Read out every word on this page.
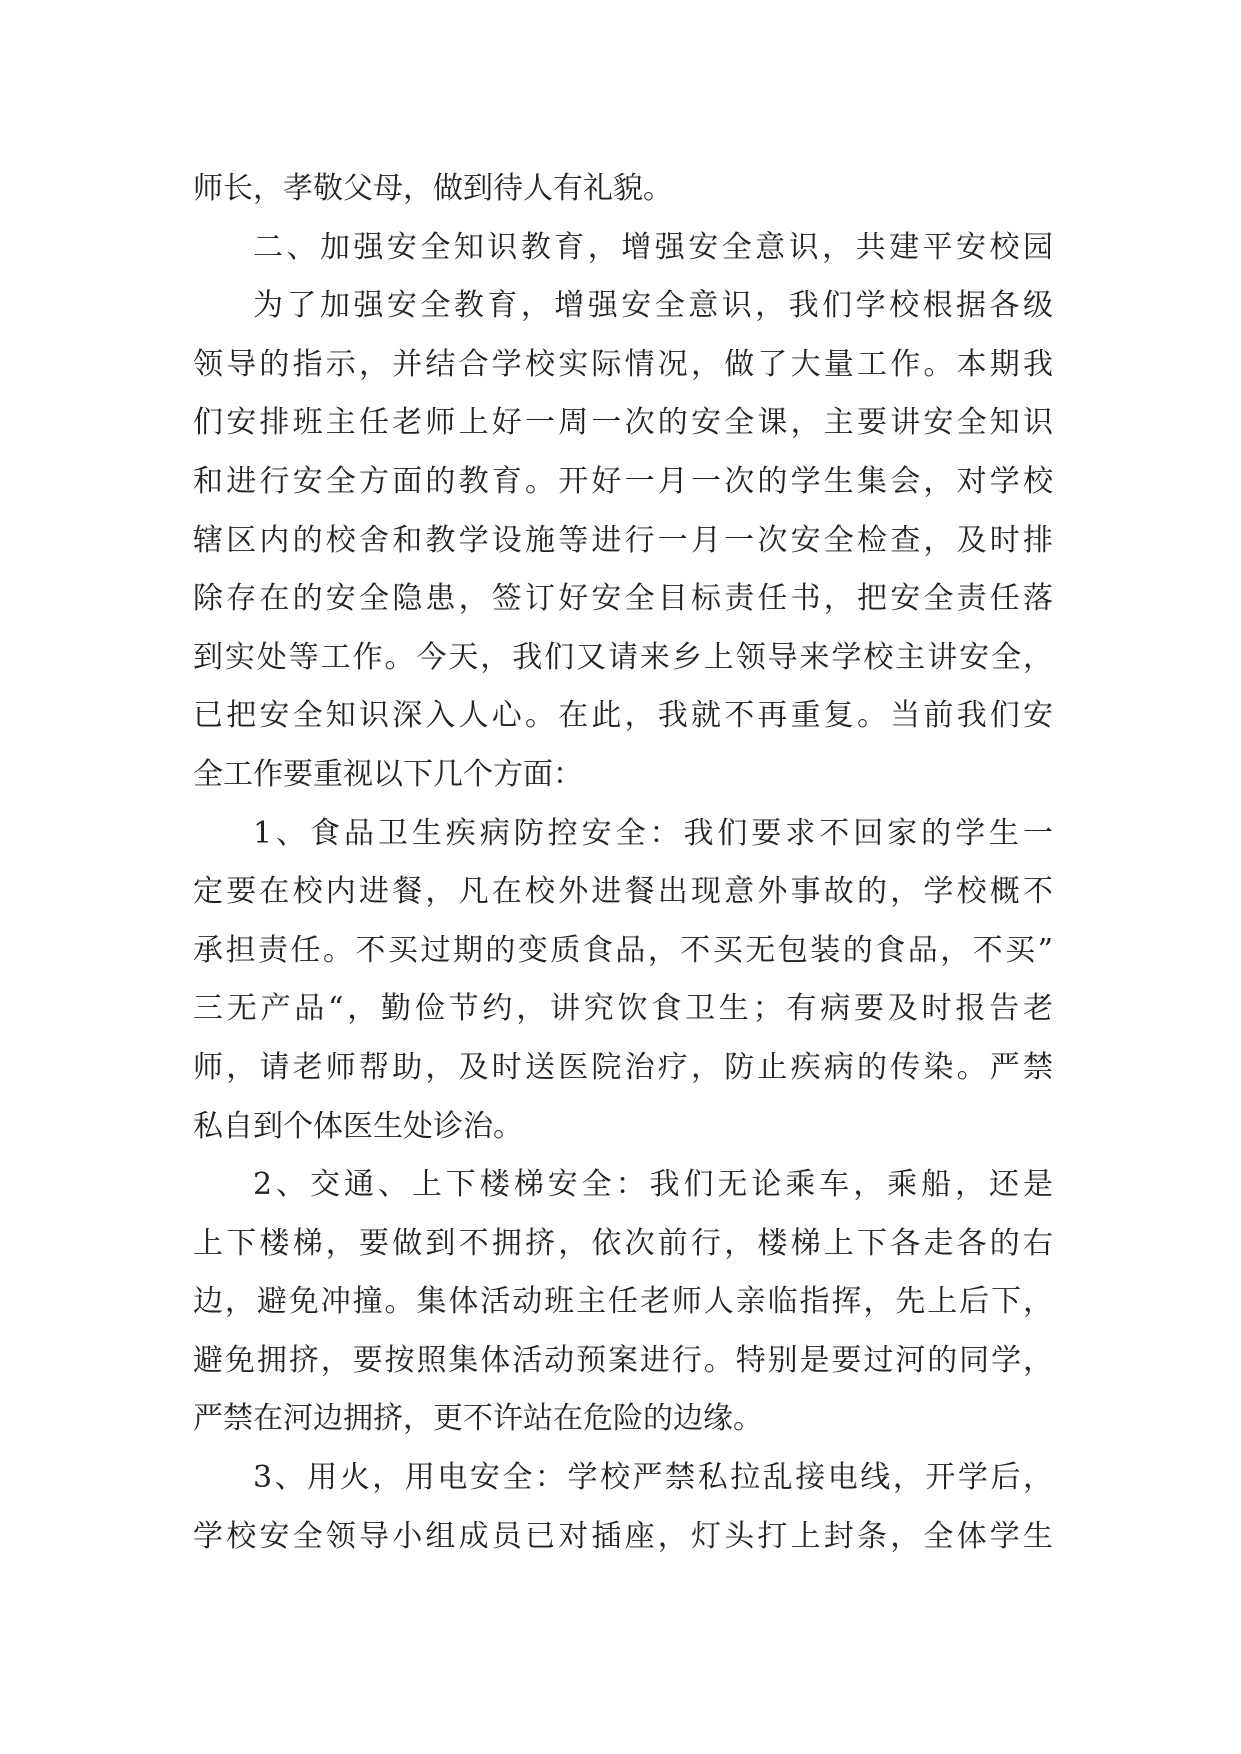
师长，孝敬父母，做到待人有礼貌。
二、加强安全知识教育，增强安全意识，共建平安校园
为了加强安全教育，增强安全意识，我们学校根据各级
领导的指示，并结合学校实际情况，做了大量工作。本期我
们安排班主任老师上好一周一次的安全课，主要讲安全知识
和进行安全方面的教育。开好一月一次的学生集会，对学校
辖区内的校舍和教学设施等进行一月一次安全检查，及时排
除存在的安全隐患，签订好安全目标责任书，把安全责任落
到实处等工作。今天，我们又请来乡上领导来学校主讲安全，
已把安全知识深入人心。在此，我就不再重复。当前我们安
全工作要重视以下几个方面：
1、食品卫生疾病防控安全：我们要求不回家的学生一
定要在校内进餐，凡在校外进餐出现意外事故的，学校概不
承担责任。不买过期的变质食品，不买无包装的食品，不买”
三无产品“，勤俭节约，讲究饮食卫生；有病要及时报告老
师，请老师帮助，及时送医院治疗，防止疾病的传染。严禁
私自到个体医生处诊治。
2、交通、上下楼梯安全：我们无论乘车，乘船，还是
上下楼梯，要做到不拥挤，依次前行，楼梯上下各走各的右
边，避免冲撞。集体活动班主任老师人亲临指挥，先上后下，
避免拥挤，要按照集体活动预案进行。特别是要过河的同学，
严禁在河边拥挤，更不许站在危险的边缘。
3、用火，用电安全：学校严禁私拉乱接电线，开学后，
学校安全领导小组成员已对插座，灯头打上封条，全体学生
